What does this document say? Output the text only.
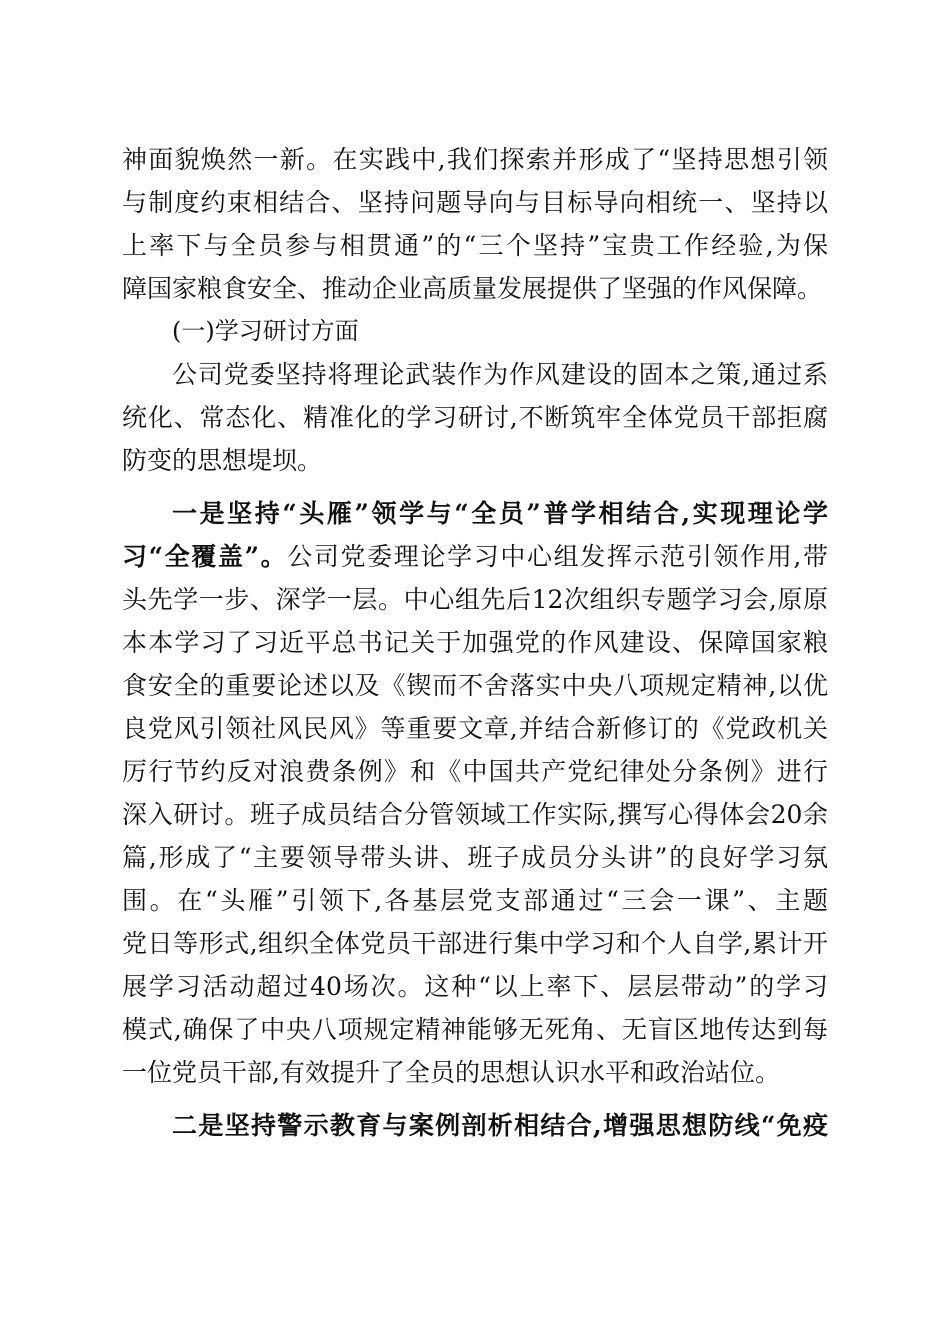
神面貌焕然一新。在实践中,我们探索并形成了“坚持思想引领
与制度约束相结合、坚持问题导向与目标导向相统一、坚持以
上率下与全员参与相贯通”的“三个坚持”宝贵工作经验,为保
障国家粮食安全、推动企业高质量发展提供了坚强的作风保障。
(一)学习研讨方面
公司党委坚持将理论武装作为作风建设的固本之策,通过系
统化、常态化、精准化的学习研讨,不断筑牢全体党员干部拒腐
防变的思想堤坝。
一是坚持“头雁”领学与“全员”普学相结合,实现理论学
习“全覆盖”。公司党委理论学习中心组发挥示范引领作用,带
头先学一步、深学一层。中心组先后12次组织专题学习会,原原
本本学习了习近平总书记关于加强党的作风建设、保障国家粮
食安全的重要论述以及《锲而不舍落实中央八项规定精神,以优
良党风引领社风民风》等重要文章,并结合新修订的《党政机关
厉行节约反对浪费条例》和《中国共产党纪律处分条例》进行
深入研讨。班子成员结合分管领域工作实际,撰写心得体会20余
篇,形成了“主要领导带头讲、班子成员分头讲”的良好学习氛
围。在“头雁”引领下,各基层党支部通过“三会一课”、主题
党日等形式,组织全体党员干部进行集中学习和个人自学,累计开
展学习活动超过40场次。这种“以上率下、层层带动”的学习
模式,确保了中央八项规定精神能够无死角、无盲区地传达到每
一位党员干部,有效提升了全员的思想认识水平和政治站位。
二是坚持警示教育与案例剖析相结合,增强思想防线“免疫
